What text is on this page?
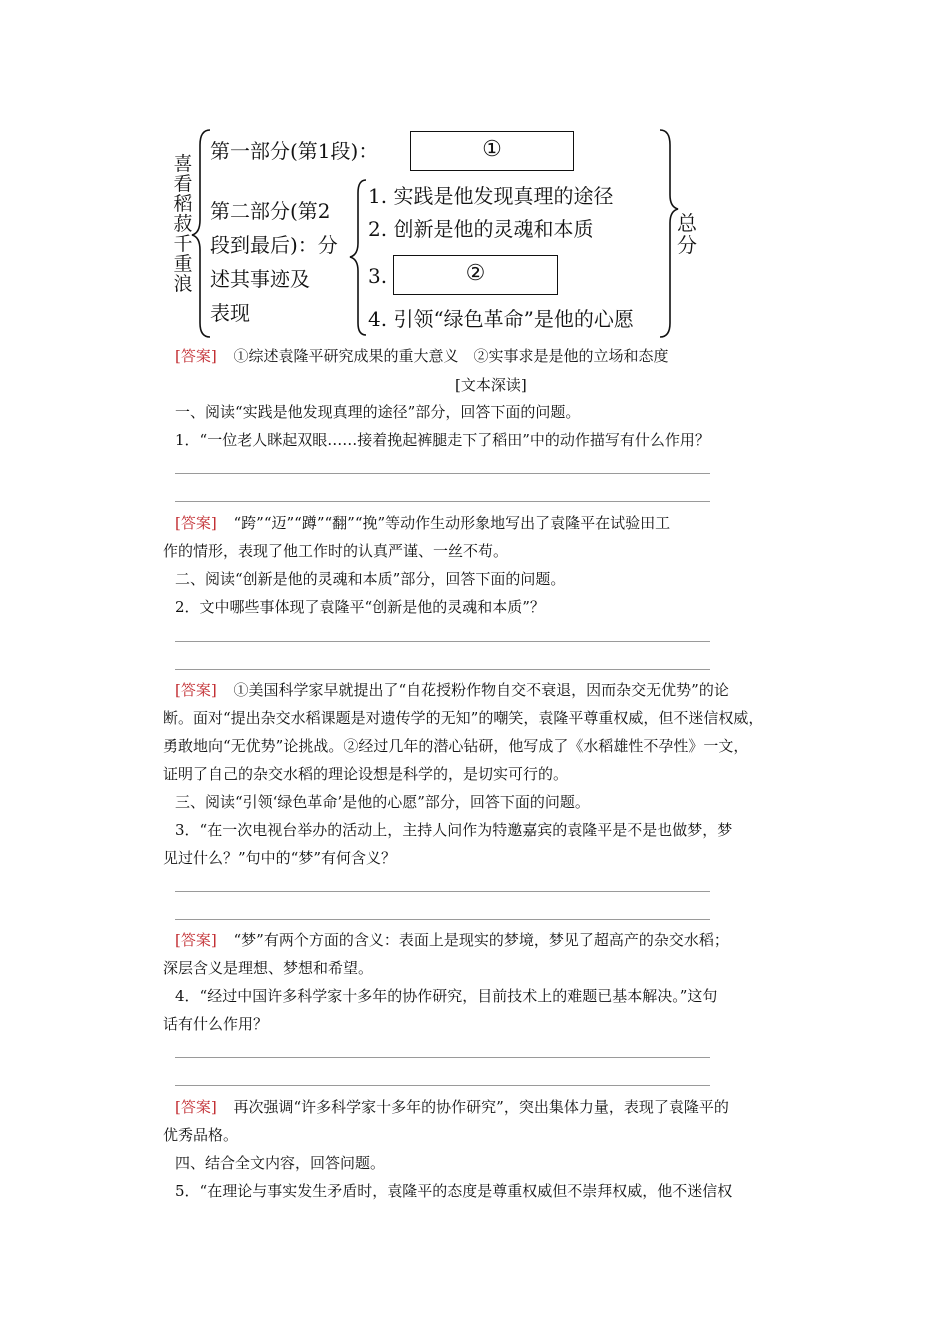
喜
看
稻
菽
千
重
浪
第一部分(第1段)：	①
第二部分(第2
段到最后)：分
述其事迹及
表现
1. 实践是他发现真理的途径
2. 创新是他的灵魂和本质
3.	②
4. 引领“绿色革命”是他的心愿
总
分
[答案] ①综述袁隆平研究成果的重大意义　②实事求是是他的立场和态度
[文本深读]
一、阅读“实践是他发现真理的途径”部分，回答下面的问题。
1．“一位老人眯起双眼……接着挽起裤腿走下了稻田”中的动作描写有什么作用？
[答案] “跨”“迈”“蹲”“翻”“挽”等动作生动形象地写出了袁隆平在试验田工
作的情形，表现了他工作时的认真严谨、一丝不苟。
二、阅读“创新是他的灵魂和本质”部分，回答下面的问题。
2．文中哪些事体现了袁隆平“创新是他的灵魂和本质”？
[答案] ①美国科学家早就提出了“自花授粉作物自交不衰退，因而杂交无优势”的论
断。面对“提出杂交水稻课题是对遗传学的无知”的嘲笑，袁隆平尊重权威，但不迷信权威，
勇敢地向“无优势”论挑战。②经过几年的潜心钻研，他写成了《水稻雄性不孕性》一文，
证明了自己的杂交水稻的理论设想是科学的，是切实可行的。
三、阅读“引领‘绿色革命’是他的心愿”部分，回答下面的问题。
3．“在一次电视台举办的活动上，主持人问作为特邀嘉宾的袁隆平是不是也做梦，梦
见过什么？”句中的“梦”有何含义？
[答案] “梦”有两个方面的含义：表面上是现实的梦境，梦见了超高产的杂交水稻；
深层含义是理想、梦想和希望。
4．“经过中国许多科学家十多年的协作研究，目前技术上的难题已基本解决。”这句
话有什么作用？
[答案] 再次强调“许多科学家十多年的协作研究”，突出集体力量，表现了袁隆平的
优秀品格。
四、结合全文内容，回答问题。
5．“在理论与事实发生矛盾时，袁隆平的态度是尊重权威但不崇拜权威，他不迷信权
